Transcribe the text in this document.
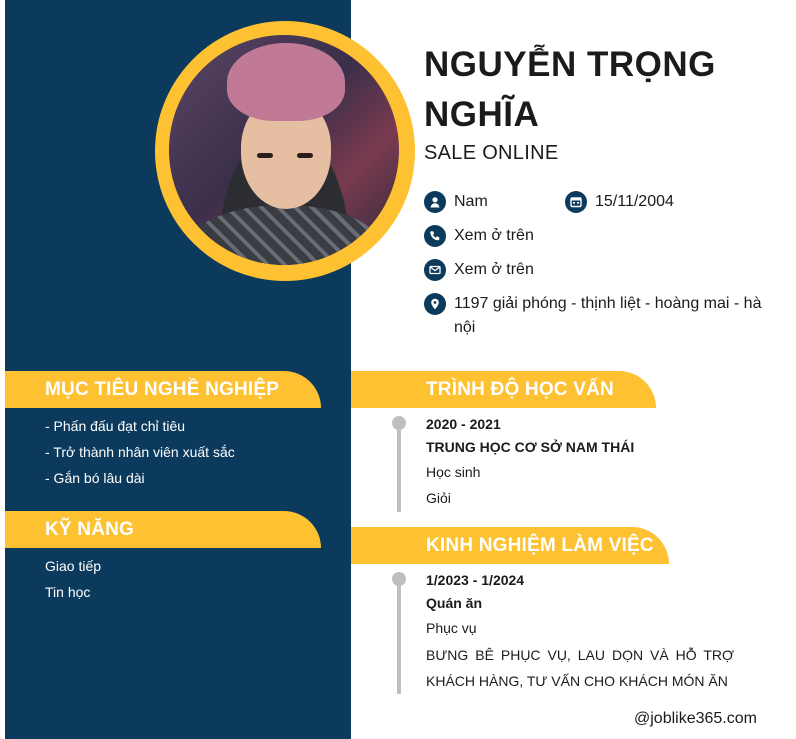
NGUYỄN TRỌNG NGHĨA
SALE ONLINE
Nam	15/11/2004
Xem ở trên
Xem ở trên
1197 giải phóng - thịnh liệt - hoàng mai - hà nội
MỤC TIÊU NGHỀ NGHIỆP
- Phấn đấu đạt chỉ tiêu
- Trở thành nhân viên xuất sắc
- Gắn bó lâu dài
KỸ NĂNG
Giao tiếp
Tin học
TRÌNH ĐỘ HỌC VẤN
2020 - 2021
TRUNG HỌC CƠ SỞ NAM THÁI
Học sinh
Giỏi
KINH NGHIỆM LÀM VIỆC
1/2023 - 1/2024
Quán ăn
Phục vụ
BƯNG BÊ PHỤC VỤ, LAU DỌN VÀ HỖ TRỢ KHÁCH HÀNG, TƯ VẤN CHO KHÁCH MÓN ĂN
@joblike365.com
